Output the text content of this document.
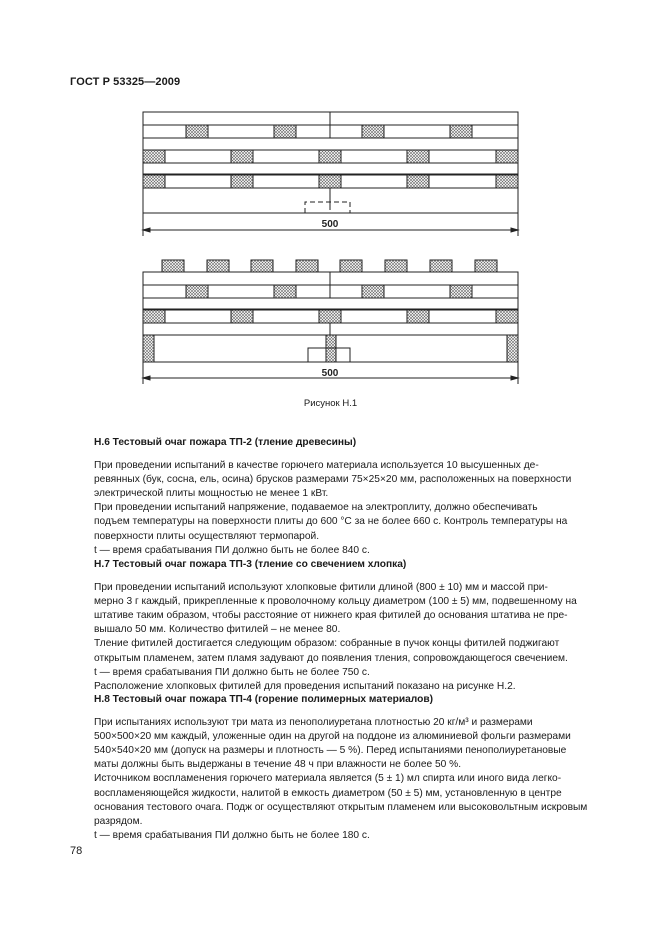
ГОСТ Р 53325—2009
500
500
Рисунок Н.1

Н.6 Тестовый очаг пожара ТП-2 (тление древесины)

При проведении испытаний в качестве горючего материала используется 10 высушенных де-

ревянных (бук, сосна, ель, осина) брусков размерами 75×25×20 мм, расположенных на поверхности

электрической плиты мощностью не менее 1 кВт.

При проведении испытаний напряжение, подаваемое на электроплиту, должно обеспечивать

подъем температуры на поверхности плиты до 600 °С за не более 660 с. Контроль температуры на

поверхности плиты осуществляют термопарой.

t — время срабатывания ПИ должно быть не более 840 с.

Н.7 Тестовый очаг пожара ТП-3 (тление со свечением хлопка)

При проведении испытаний используют хлопковые фитили длиной (800 ± 10) мм и массой при-

мерно 3 г каждый, прикрепленные к проволочному кольцу диаметром (100 ± 5) мм, подвешенному на

штативе таким образом, чтобы расстояние от нижнего края фитилей до основания штатива не пре-

вышало 50 мм. Количество фитилей – не менее 80.

Тление фитилей достигается следующим образом: собранные в пучок концы фитилей поджигают

открытым пламенем, затем пламя задувают до появления тления, сопровождающегося свечением.

t — время срабатывания ПИ должно быть не более 750 с.

Расположение хлопковых фитилей для проведения испытаний показано на рисунке Н.2.

Н.8 Тестовый очаг пожара ТП-4 (горение полимерных материалов)

При испытаниях используют три мата из пенополиуретана плотностью 20 кг/м³ и размерами

500×500×20 мм каждый, уложенные один на другой на поддоне из алюминиевой фольги размерами

540×540×20 мм (допуск на размеры и плотность — 5 %). Перед испытаниями пенополиуретановые

маты должны быть выдержаны в течение 48 ч при влажности не более 50 %.

Источником воспламенения горючего материала является (5 ± 1) мл спирта или иного вида легко-

воспламеняющейся жидкости, налитой в емкость диаметром (50 ± 5) мм, установленную в центре

основания тестового очага. Подж ог осуществляют открытым пламенем или высоковольтным искровым

разрядом.

t — время срабатывания ПИ должно быть не более 180 с.

78
